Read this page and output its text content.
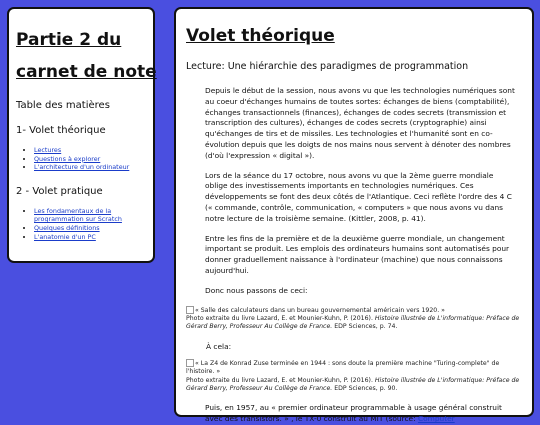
Partie 2 du
carnet de note
Table des matières
1- Volet théorique
• Lectures
• Questions à explorer
• L'architecture d'un ordinateur
2 - Volet pratique
• Les fondamentaux de la programmation sur Scratch
• Quelques définitions
• L'anatomie d'un PC
Volet théorique
Lecture: Une hiérarchie des paradigmes de programmation

Depuis le début de la session, nous avons vu que les technologies numériques sont au coeur d'échanges humains de toutes sortes: échanges de biens (comptabilité), échanges transactionnels (finances), échanges de codes secrets (transmission et transcription des cultures), échanges de codes secrets (cryptographie) ainsi qu'échanges de tirs et de missiles. Les technologies et l'humanité sont en co-évolution depuis que les doigts de nos mains nous servent à dénoter des nombres (d'où l'expression « digital »).

Lors de la séance du 17 octobre, nous avons vu que la 2ème guerre mondiale oblige des investissements importants en technologies numériques. Ces développements se font des deux côtés de l'Atlantique. Ceci reflète l'ordre des 4 C (« commande, contrôle, communication, « computers » que nous avons vu dans notre lecture de la troisième semaine. (Kittler, 2008, p. 41).

Entre les fins de la première et de la deuxième guerre mondiale, un changement important se produit. Les emplois des ordinateurs humains sont automatisés pour donner graduellement naissance à l'ordinateur (machine) que nous connaissons aujourd'hui.

Donc nous passons de ceci:

« Salle des calculateurs dans un bureau gouvernemental américain vers 1920. »
Photo extraite du livre Lazard, E. et Mounier-Kuhn, P. (2016). Histoire illustrée de L'informatique: Préface de Gérard Berry, Professeur Au Collège de France. EDP Sciences, p. 74.
À cela:
« La Z4 de Konrad Zuse terminée en 1944 : sons doute la première machine "Turing-complete" de l'histoire. »
Photo extraite du livre Lazard, E. et Mounier-Kuhn, P. (2016). Histoire illustrée de L'informatique: Préface de Gérard Berry, Professeur Au Collège de France. EDP Sciences, p. 90.

Puis, en 1957, au « premier ordinateur programmable à usage général construit avec des transistors. » , le TX-0 construit au MIT (source: Computer
